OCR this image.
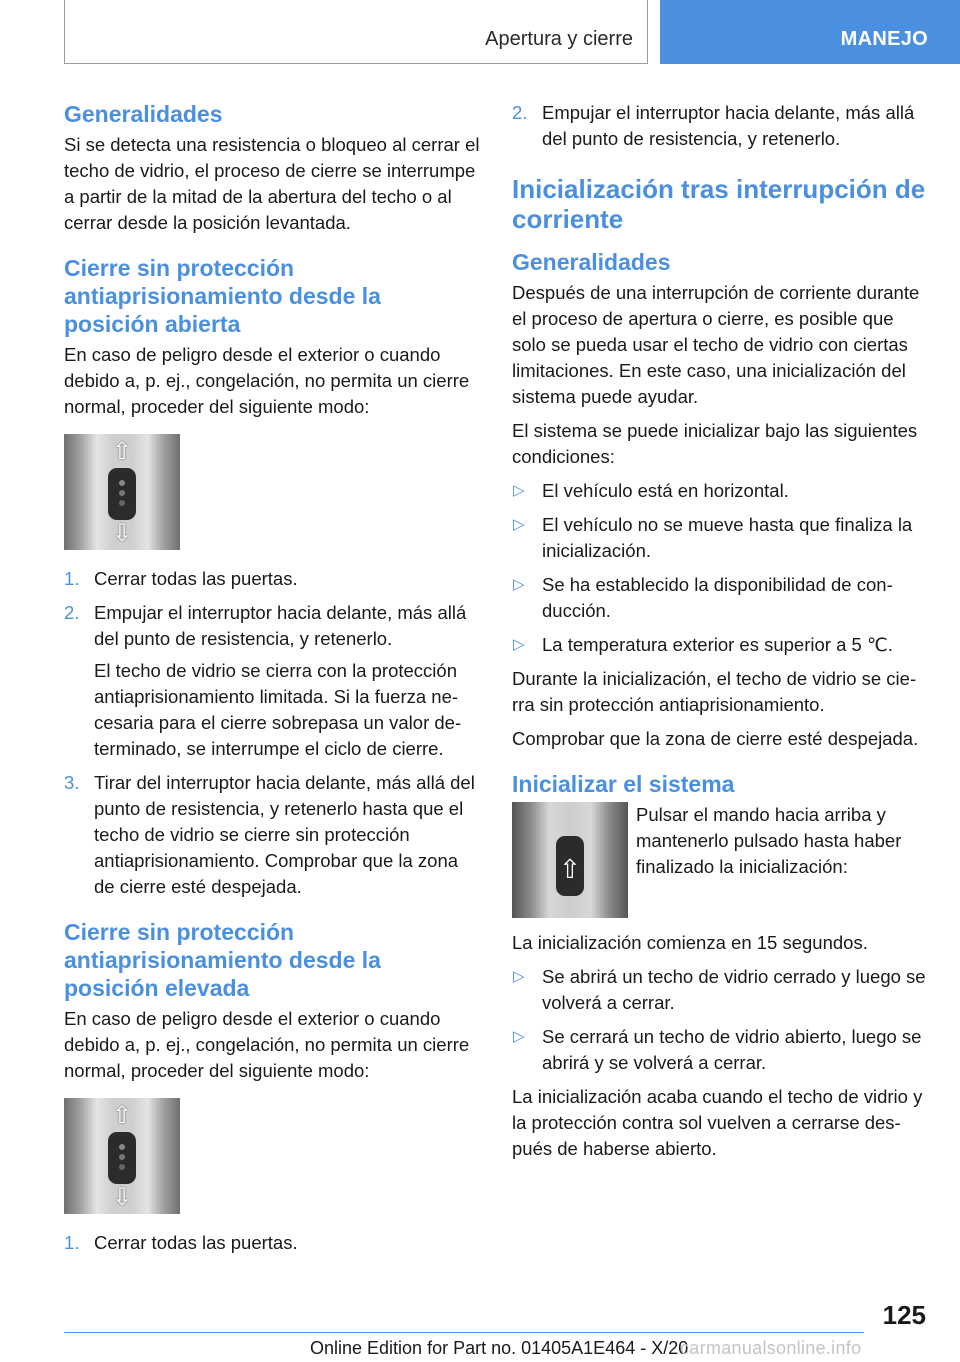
Apertura y cierre	MANEJO
Generalidades

Si se detecta una resistencia o bloqueo al cerrar el techo de vidrio, el proceso de cierre se interrumpe a partir de la mitad de la abertura del techo o al cerrar desde la posición levantada.

Cierre sin protección antiaprisionamiento desde la posición abierta

En caso de peligro desde el exterior o cuando debido a, p. ej., congelación, no permita un cierre normal, proceder del siguiente modo:

⇧
⇩
1. Cerrar todas las puertas.
2. Empujar el interruptor hacia delante, más allá del punto de resistencia, y retenerlo.
El techo de vidrio se cierra con la protección antiaprisionamiento limitada. Si la fuerza necesaria para el cierre sobrepasa un valor determinado, se interrumpe el ciclo de cierre.
3. Tirar del interruptor hacia delante, más allá del punto de resistencia, y retenerlo hasta que el techo de vidrio se cierre sin protección antiaprisionamiento. Comprobar que la zona de cierre esté despejada.
Cierre sin protección antiaprisionamiento desde la posición elevada

En caso de peligro desde el exterior o cuando debido a, p. ej., congelación, no permita un cierre normal, proceder del siguiente modo:

⇧
⇩
1. Cerrar todas las puertas.
2. Empujar el interruptor hacia delante, más allá del punto de resistencia, y retenerlo.
Inicialización tras interrupción de corriente
Generalidades

Después de una interrupción de corriente durante el proceso de apertura o cierre, es posible que solo se pueda usar el techo de vidrio con ciertas limitaciones. En este caso, una inicialización del sistema puede ayudar.

El sistema se puede inicializar bajo las siguientes condiciones:

▷ El vehículo está en horizontal.
▷ El vehículo no se mueve hasta que finaliza la inicialización.
▷ Se ha establecido la disponibilidad de conducción.
▷ La temperatura exterior es superior a 5 ℃.

Durante la inicialización, el techo de vidrio se cierra sin protección antiaprisionamiento.

Comprobar que la zona de cierre esté despejada.

Inicializar el sistema
⇧
Pulsar el mando hacia arriba y mantenerlo pulsado hasta haber finalizado la inicialización:

La inicialización comienza en 15 segundos.

▷ Se abrirá un techo de vidrio cerrado y luego se volverá a cerrar.
▷ Se cerrará un techo de vidrio abierto, luego se abrirá y se volverá a cerrar.

La inicialización acaba cuando el techo de vidrio y la protección contra sol vuelven a cerrarse después de haberse abierto.

125
Online Edition for Part no. 01405A1E464 - X/20
carmanualsonline.info
